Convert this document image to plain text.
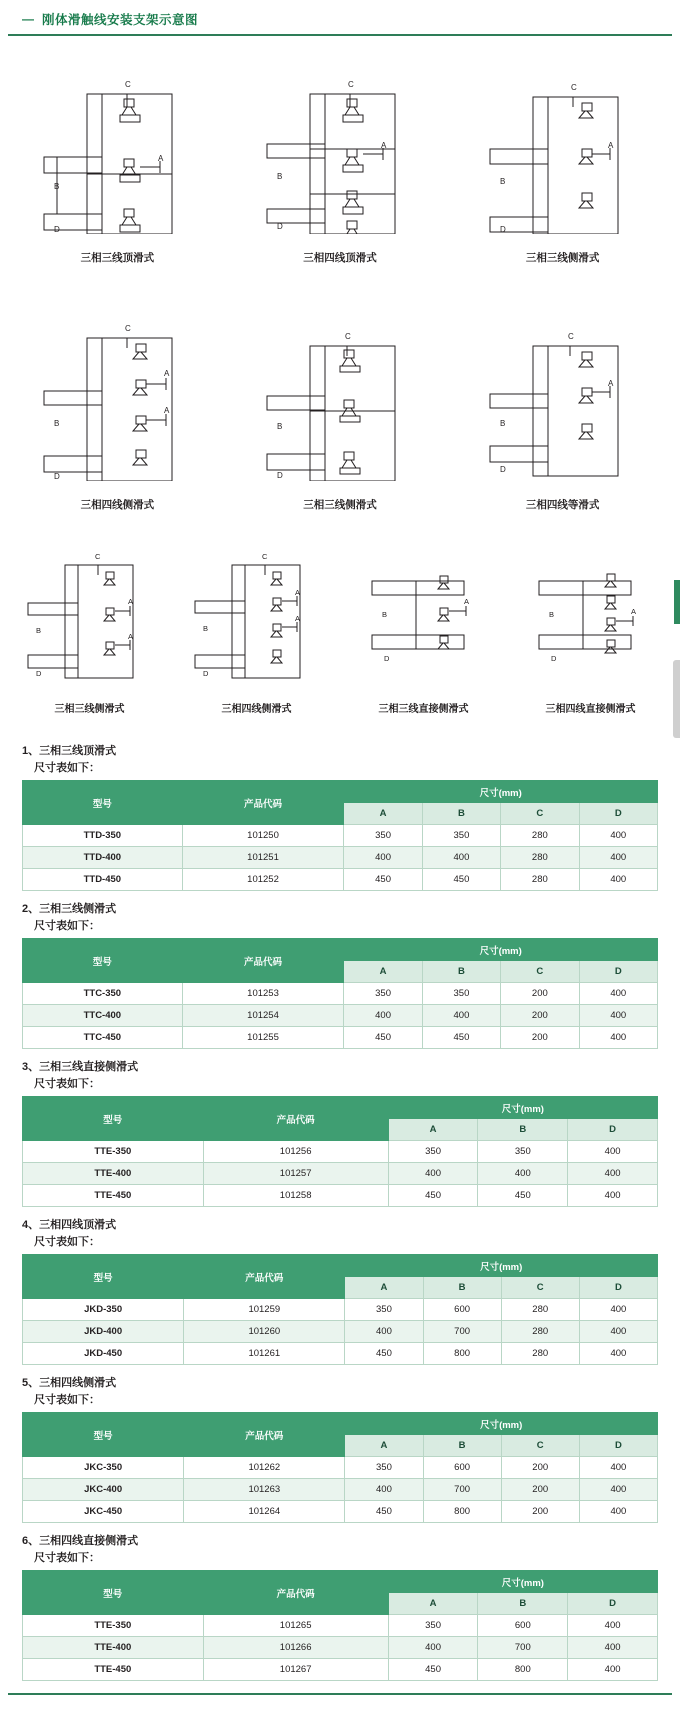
— 刚体滑触线安装支架示意图
C
A
B
D
三相三线顶滑式
C
A
B
D
三相四线顶滑式
C
A
B
D
三相三线侧滑式
C
A
A
B
D
三相四线侧滑式
C
B
D
三相三线侧滑式
C
A
B
D
三相四线等滑式
C
A
A
B
D
三相三线侧滑式
C
A
A
B
D
三相四线侧滑式
B
D
A
三相三线直接侧滑式
B
D
A
三相四线直接侧滑式
1、三相三线顶滑式
尺寸表如下：
型号	产品代码	尺寸(mm)			
		A	B	C	D
TTD-350	101250	350	350	280	400
TTD-400	101251	400	400	280	400
TTD-450	101252	450	450	280	400
2、三相三线侧滑式
尺寸表如下：
型号	产品代码	尺寸(mm)			
		A	B	C	D
TTC-350	101253	350	350	200	400
TTC-400	101254	400	400	200	400
TTC-450	101255	450	450	200	400
3、三相三线直接侧滑式
尺寸表如下：
型号	产品代码	尺寸(mm)		
		A	B	D
TTE-350	101256	350	350	400
TTE-400	101257	400	400	400
TTE-450	101258	450	450	400
4、三相四线顶滑式
尺寸表如下：
型号	产品代码	尺寸(mm)			
		A	B	C	D
JKD-350	101259	350	600	280	400
JKD-400	101260	400	700	280	400
JKD-450	101261	450	800	280	400
5、三相四线侧滑式
尺寸表如下：
型号	产品代码	尺寸(mm)			
		A	B	C	D
JKC-350	101262	350	600	200	400
JKC-400	101263	400	700	200	400
JKC-450	101264	450	800	200	400
6、三相四线直接侧滑式
尺寸表如下：
型号	产品代码	尺寸(mm)		
		A	B	D
TTE-350	101265	350	600	400
TTE-400	101266	400	700	400
TTE-450	101267	450	800	400
